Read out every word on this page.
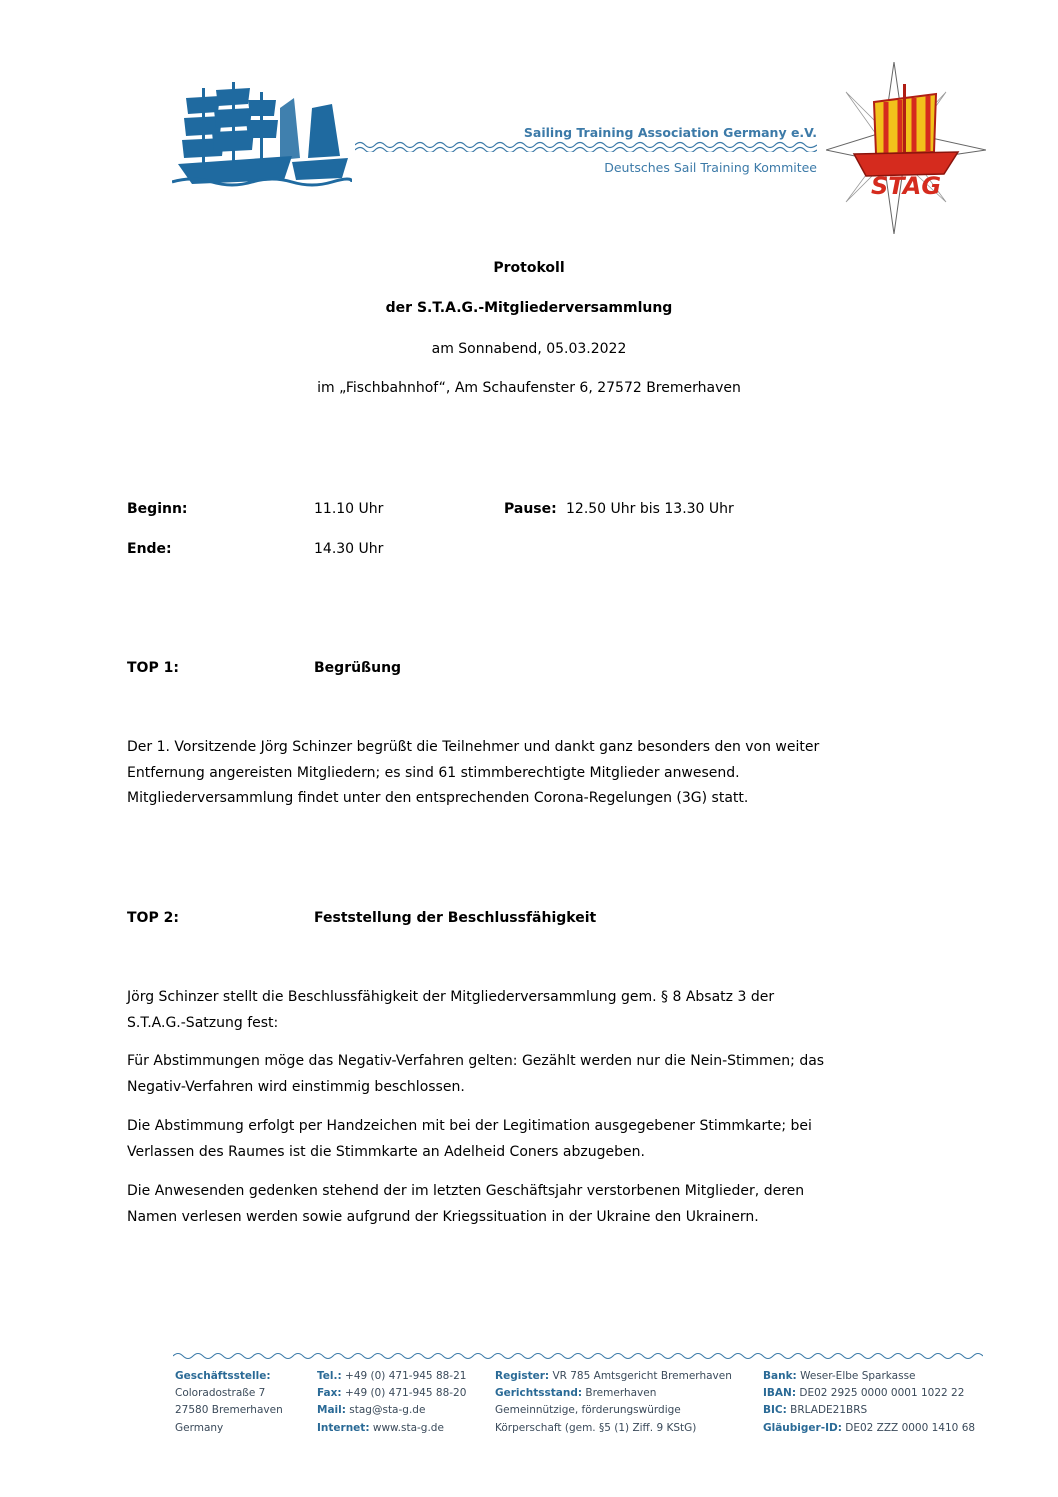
Sailing Training Association Germany e.V.
Deutsches Sail Training Kommitee
STAG
Protokoll
der S.T.A.G.-Mitgliederversammlung
am Sonnabend, 05.03.2022
im „Fischbahnhof“, Am Schaufenster 6, 27572 Bremerhaven
Beginn:	11.10 Uhr	Pause: 12.50 Uhr bis 13.30 Uhr
Ende:	14.30 Uhr
TOP 1:	Begrüßung
Der 1. Vorsitzende Jörg Schinzer begrüßt die Teilnehmer und dankt ganz besonders den von weiter
Entfernung angereisten Mitgliedern; es sind 61 stimmberechtigte Mitglieder anwesend.
Mitgliederversammlung findet unter den entsprechenden Corona-Regelungen (3G) statt.
TOP 2:	Feststellung der Beschlussfähigkeit
Jörg Schinzer stellt die Beschlussfähigkeit der Mitgliederversammlung gem. § 8 Absatz 3 der
S.T.A.G.-Satzung fest:
Für Abstimmungen möge das Negativ-Verfahren gelten: Gezählt werden nur die Nein-Stimmen; das
Negativ-Verfahren wird einstimmig beschlossen.
Die Abstimmung erfolgt per Handzeichen mit bei der Legitimation ausgegebener Stimmkarte; bei
Verlassen des Raumes ist die Stimmkarte an Adelheid Coners abzugeben.
Die Anwesenden gedenken stehend der im letzten Geschäftsjahr verstorbenen Mitglieder, deren
Namen verlesen werden sowie aufgrund der Kriegssituation in der Ukraine den Ukrainern.
Geschäftsstelle:
Coloradostraße 7
27580 Bremerhaven
Germany
Tel.: +49 (0) 471-945 88-21
Fax: +49 (0) 471-945 88-20
Mail: stag@sta-g.de
Internet: www.sta-g.de
Register: VR 785 Amtsgericht Bremerhaven
Gerichtsstand: Bremerhaven
Gemeinnützige, förderungswürdige
Körperschaft (gem. §5 (1) Ziff. 9 KStG)
Bank: Weser-Elbe Sparkasse
IBAN: DE02 2925 0000 0001 1022 22
BIC: BRLADE21BRS
Gläubiger-ID: DE02 ZZZ 0000 1410 68
